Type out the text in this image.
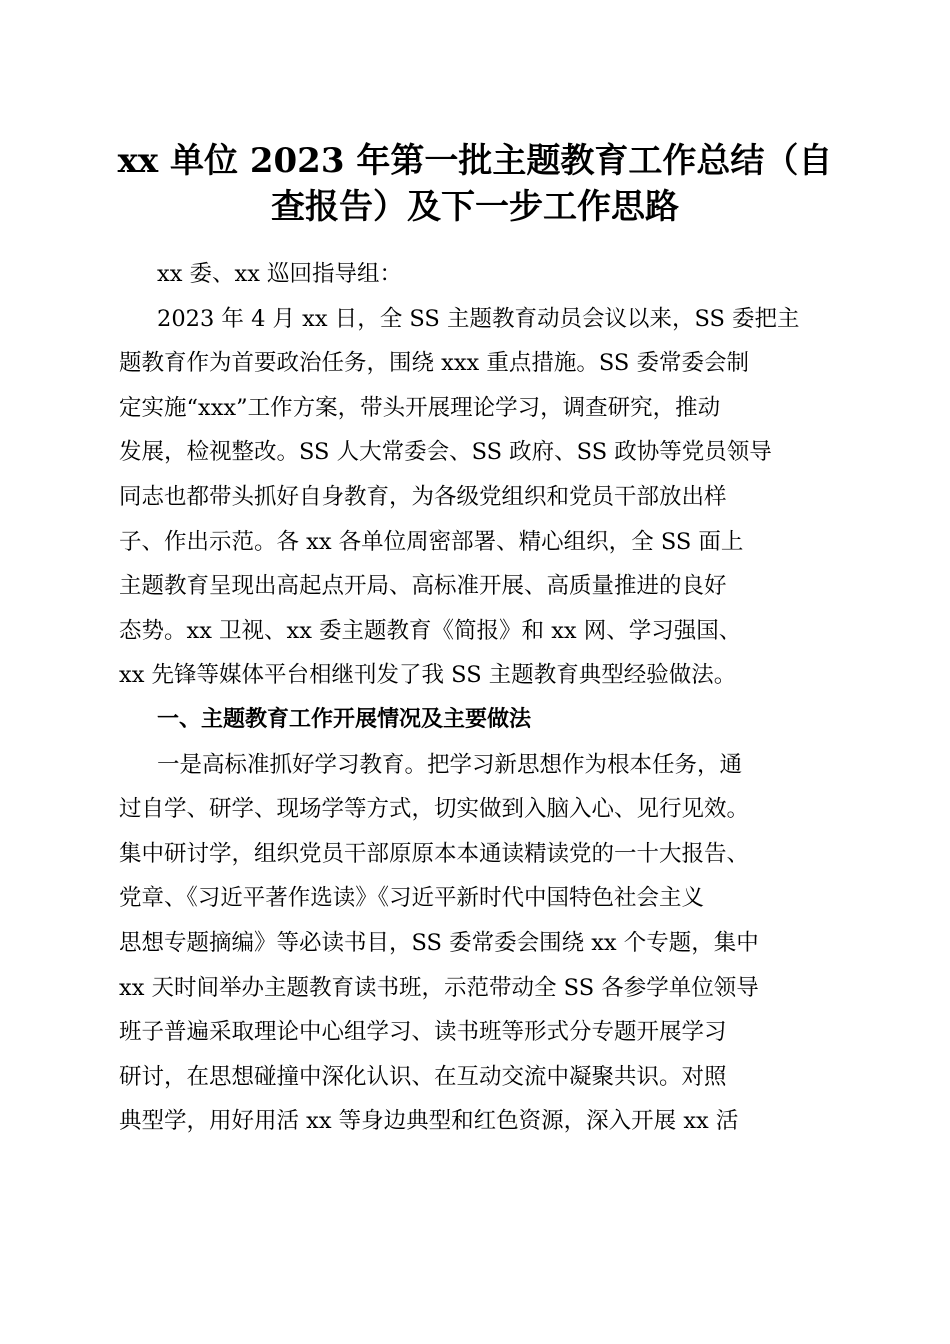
xx 单位 2023 年第一批主题教育工作总结（自
查报告）及下一步工作思路
xx 委、xx 巡回指导组：
2023 年 4 月 xx 日，全 SS 主题教育动员会议以来，SS 委把主
题教育作为首要政治任务，围绕 xxx 重点措施。SS 委常委会制
定实施“xxx”工作方案，带头开展理论学习，调查研究，推动
发展，检视整改。SS 人大常委会、SS 政府、SS 政协等党员领导
同志也都带头抓好自身教育，为各级党组织和党员干部放出样
子、作出示范。各 xx 各单位周密部署、精心组织，全 SS 面上
主题教育呈现出高起点开局、高标准开展、高质量推进的良好
态势。xx 卫视、xx 委主题教育《简报》和 xx 网、学习强国、
xx 先锋等媒体平台相继刊发了我 SS 主题教育典型经验做法。
一、主题教育工作开展情况及主要做法
一是高标准抓好学习教育。把学习新思想作为根本任务，通
过自学、研学、现场学等方式，切实做到入脑入心、见行见效。
集中研讨学，组织党员干部原原本本通读精读党的一十大报告、
党章、《习近平著作选读》《习近平新时代中国特色社会主义
思想专题摘编》等必读书目，SS 委常委会围绕 xx 个专题，集中
xx 天时间举办主题教育读书班，示范带动全 SS 各参学单位领导
班子普遍采取理论中心组学习、读书班等形式分专题开展学习
研讨，在思想碰撞中深化认识、在互动交流中凝聚共识。对照
典型学，用好用活 xx 等身边典型和红色资源，深入开展 xx 活
